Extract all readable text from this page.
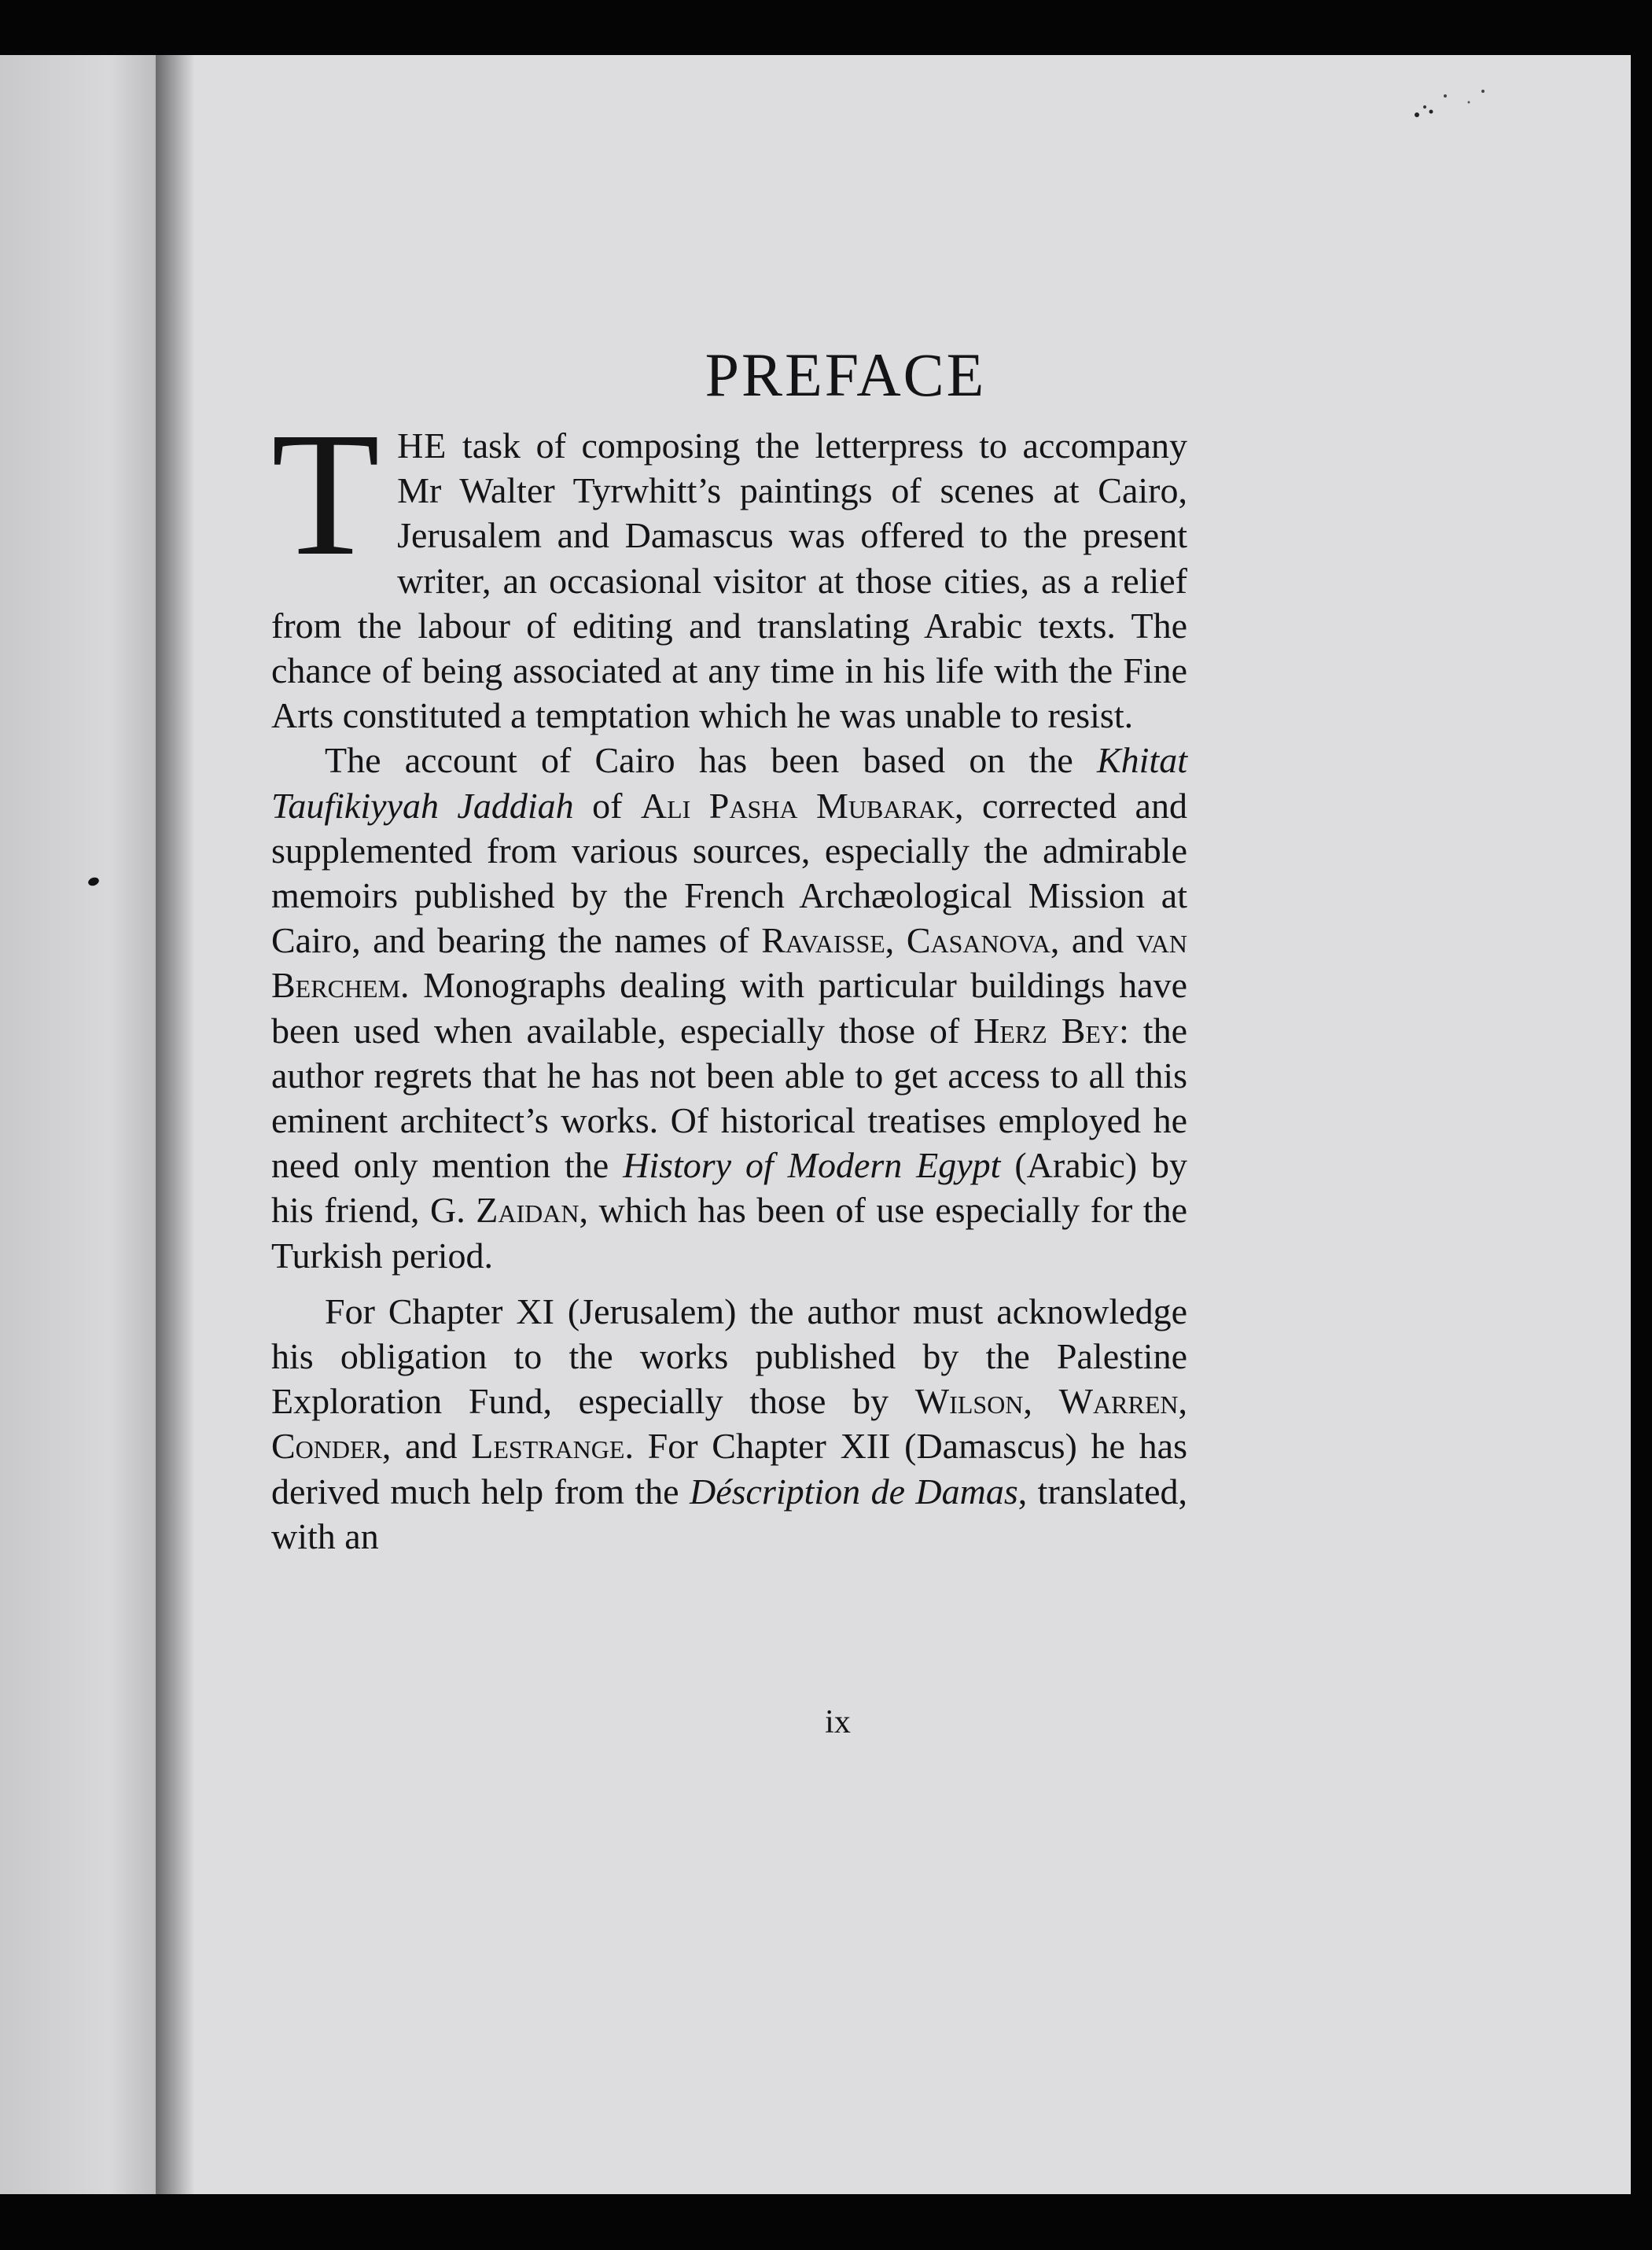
PREFACE

THE task of composing the letterpress to accompany Mr Walter Tyrwhitt’s paintings of scenes at Cairo, Jerusalem and Damascus was offered to the present writer, an occasional visitor at those cities, as a relief from the labour of editing and translating Arabic texts. The chance of being associated at any time in his life with the Fine Arts constituted a temptation which he was unable to resist.

The account of Cairo has been based on the Khitat Taufikiyyah Jaddiah of Ali Pasha Mubarak, corrected and supplemented from various sources, especially the admirable memoirs published by the French Archæological Mission at Cairo, and bearing the names of Ravaisse, Casanova, and van Berchem. Monographs dealing with particular buildings have been used when available, especially those of Herz Bey: the author regrets that he has not been able to get access to all this eminent architect’s works. Of historical treatises employed he need only mention the History of Modern Egypt (Arabic) by his friend, G. Zaidan, which has been of use especially for the Turkish period.

For Chapter XI (Jerusalem) the author must acknowledge his obligation to the works published by the Palestine Exploration Fund, especially those by Wilson, Warren, Conder, and Lestrange. For Chapter XII (Damascus) he has derived much help from the Déscription de Damas, translated, with an

ix
